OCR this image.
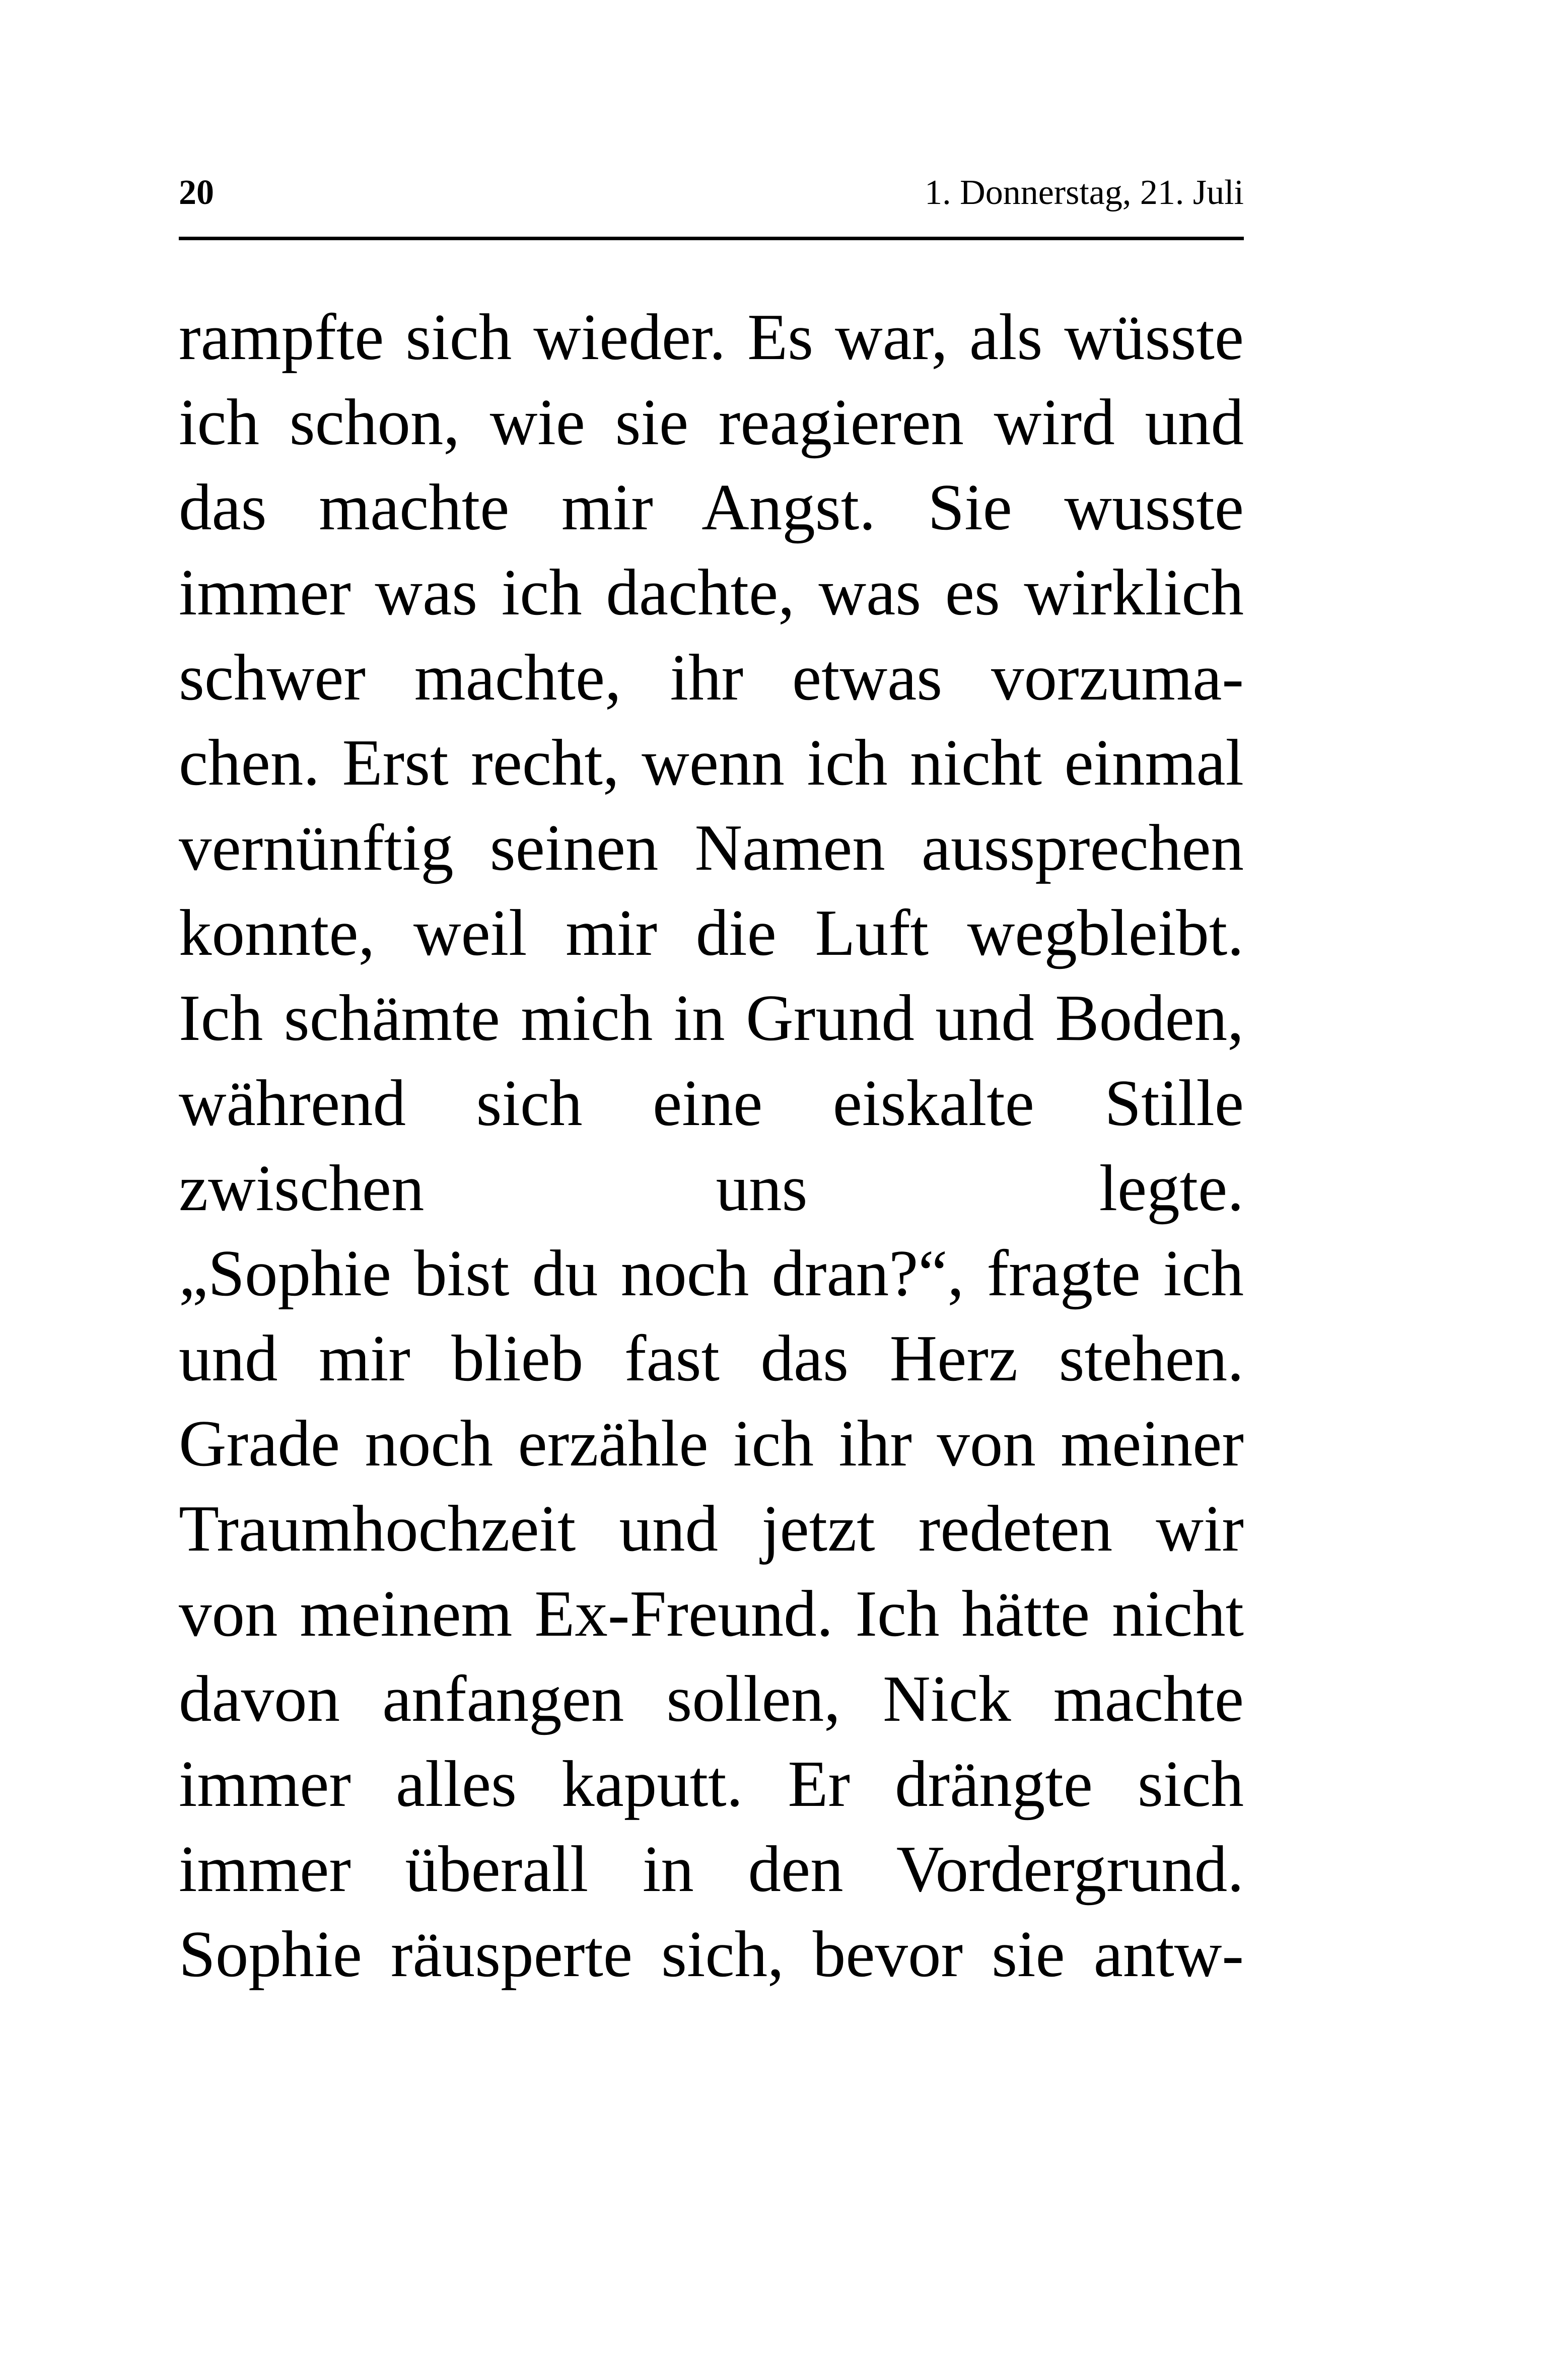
20	1. Donnerstag, 21. Juli
rampfte sich wieder. Es war, als wüsste
ich schon, wie sie reagieren wird und
das machte mir Angst. Sie wusste
immer was ich dachte, was es wirklich
schwer machte, ihr etwas vorzuma-
chen. Erst recht, wenn ich nicht einmal
vernünftig seinen Namen aussprechen
konnte, weil mir die Luft wegbleibt.
Ich schämte mich in Grund und Boden,
während sich eine eiskalte Stille
zwischen uns legte.
„Sophie bist du noch dran?“, fragte ich
und mir blieb fast das Herz stehen.
Grade noch erzähle ich ihr von meiner
Traumhochzeit und jetzt redeten wir
von meinem Ex-Freund. Ich hätte nicht
davon anfangen sollen, Nick machte
immer alles kaputt. Er drängte sich
immer überall in den Vordergrund.
Sophie räusperte sich, bevor sie antw-
